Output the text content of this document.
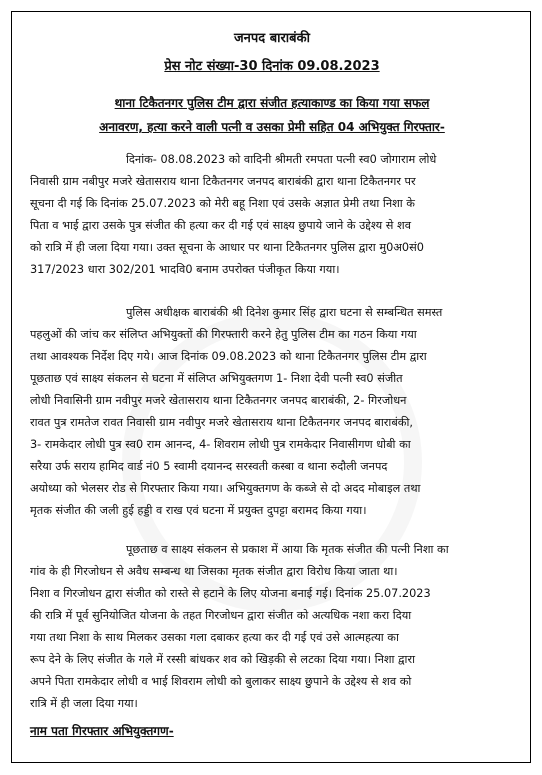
जनपद बाराबंकी
प्रेस नोट संख्या-30 दिनांक 09.08.2023
थाना टिकैतनगर पुलिस टीम द्वारा संजीत हत्याकाण्ड का किया गया सफल
अनावरण, हत्या करने वाली पत्नी व उसका प्रेमी सहित 04 अभियुक्त गिरफ्तार-
दिनांक- 08.08.2023 को वादिनी श्रीमती रमपता पत्नी स्व0 जोगाराम लोधे
निवासी ग्राम नबीपुर मजरे खेतासराय थाना टिकैतनगर जनपद बाराबंकी द्वारा थाना टिकैतनगर पर
सूचना दी गई कि दिनांक 25.07.2023 को मेरी बहू निशा एवं उसके अज्ञात प्रेमी तथा निशा के
पिता व भाई द्वारा उसके पुत्र संजीत की हत्या कर दी गई एवं साक्ष्य छुपाये जाने के उद्देश्य से शव
को रात्रि में ही जला दिया गया। उक्त सूचना के आधार पर थाना टिकैतनगर पुलिस द्वारा मु0अ0सं0
317/2023 धारा 302/201 भादवि0 बनाम उपरोक्त पंजीकृत किया गया।
पुलिस अधीक्षक बाराबंकी श्री दिनेश कुमार सिंह द्वारा घटना से सम्बन्धित समस्त
पहलुओं की जांच कर संलिप्त अभियुक्तों की गिरफ्तारी करने हेतु पुलिस टीम का गठन किया गया
तथा आवश्यक निर्देश दिए गये। आज दिनांक 09.08.2023 को थाना टिकैतनगर पुलिस टीम द्वारा
पूछताछ एवं साक्ष्य संकलन से घटना में संलिप्त अभियुक्तगण 1- निशा देवी पत्नी स्व0 संजीत
लोधी निवासिनी ग्राम नवीपुर मजरे खेतासराय थाना टिकैतनगर जनपद बाराबंकी, 2- गिरजोधन
रावत पुत्र रामतेज रावत निवासी ग्राम नवीपुर मजरे खेतासराय थाना टिकैतनगर जनपद बाराबंकी,
3- रामकेदार लोधी पुत्र स्व0 राम आनन्द, 4- शिवराम लोधी पुत्र रामकेदार निवासीगण धोबी का
सरैया उर्फ सराय हामिद वार्ड नं0 5 स्वामी दयानन्द सरस्वती कस्बा व थाना रुदौली जनपद
अयोध्या को भेलसर रोड से गिरफ्तार किया गया। अभियुक्तगण के कब्जे से दो अदद मोबाइल तथा
मृतक संजीत की जली हुई हड्डी व राख एवं घटना में प्रयुक्त दुपट्टा बरामद किया गया।
पूछताछ व साक्ष्य संकलन से प्रकाश में आया कि मृतक संजीत की पत्नी निशा का
गांव के ही गिरजोधन से अवैध सम्बन्ध था जिसका मृतक संजीत द्वारा विरोध किया जाता था।
निशा व गिरजोधन द्वारा संजीत को रास्ते से हटाने के लिए योजना बनाई गई। दिनांक 25.07.2023
की रात्रि में पूर्व सुनियोजित योजना के तहत गिरजोधन द्वारा संजीत को अत्यधिक नशा करा दिया
गया तथा निशा के साथ मिलकर उसका गला दबाकर हत्या कर दी गई एवं उसे आत्महत्या का
रूप देने के लिए संजीत के गले में रस्सी बांधकर शव को खिड़की से लटका दिया गया। निशा द्वारा
अपने पिता रामकेदार लोधी व भाई शिवराम लोधी को बुलाकर साक्ष्य छुपाने के उद्देश्य से शव को
रात्रि में ही जला दिया गया।
नाम पता गिरफ्तार अभियुक्तगण-
